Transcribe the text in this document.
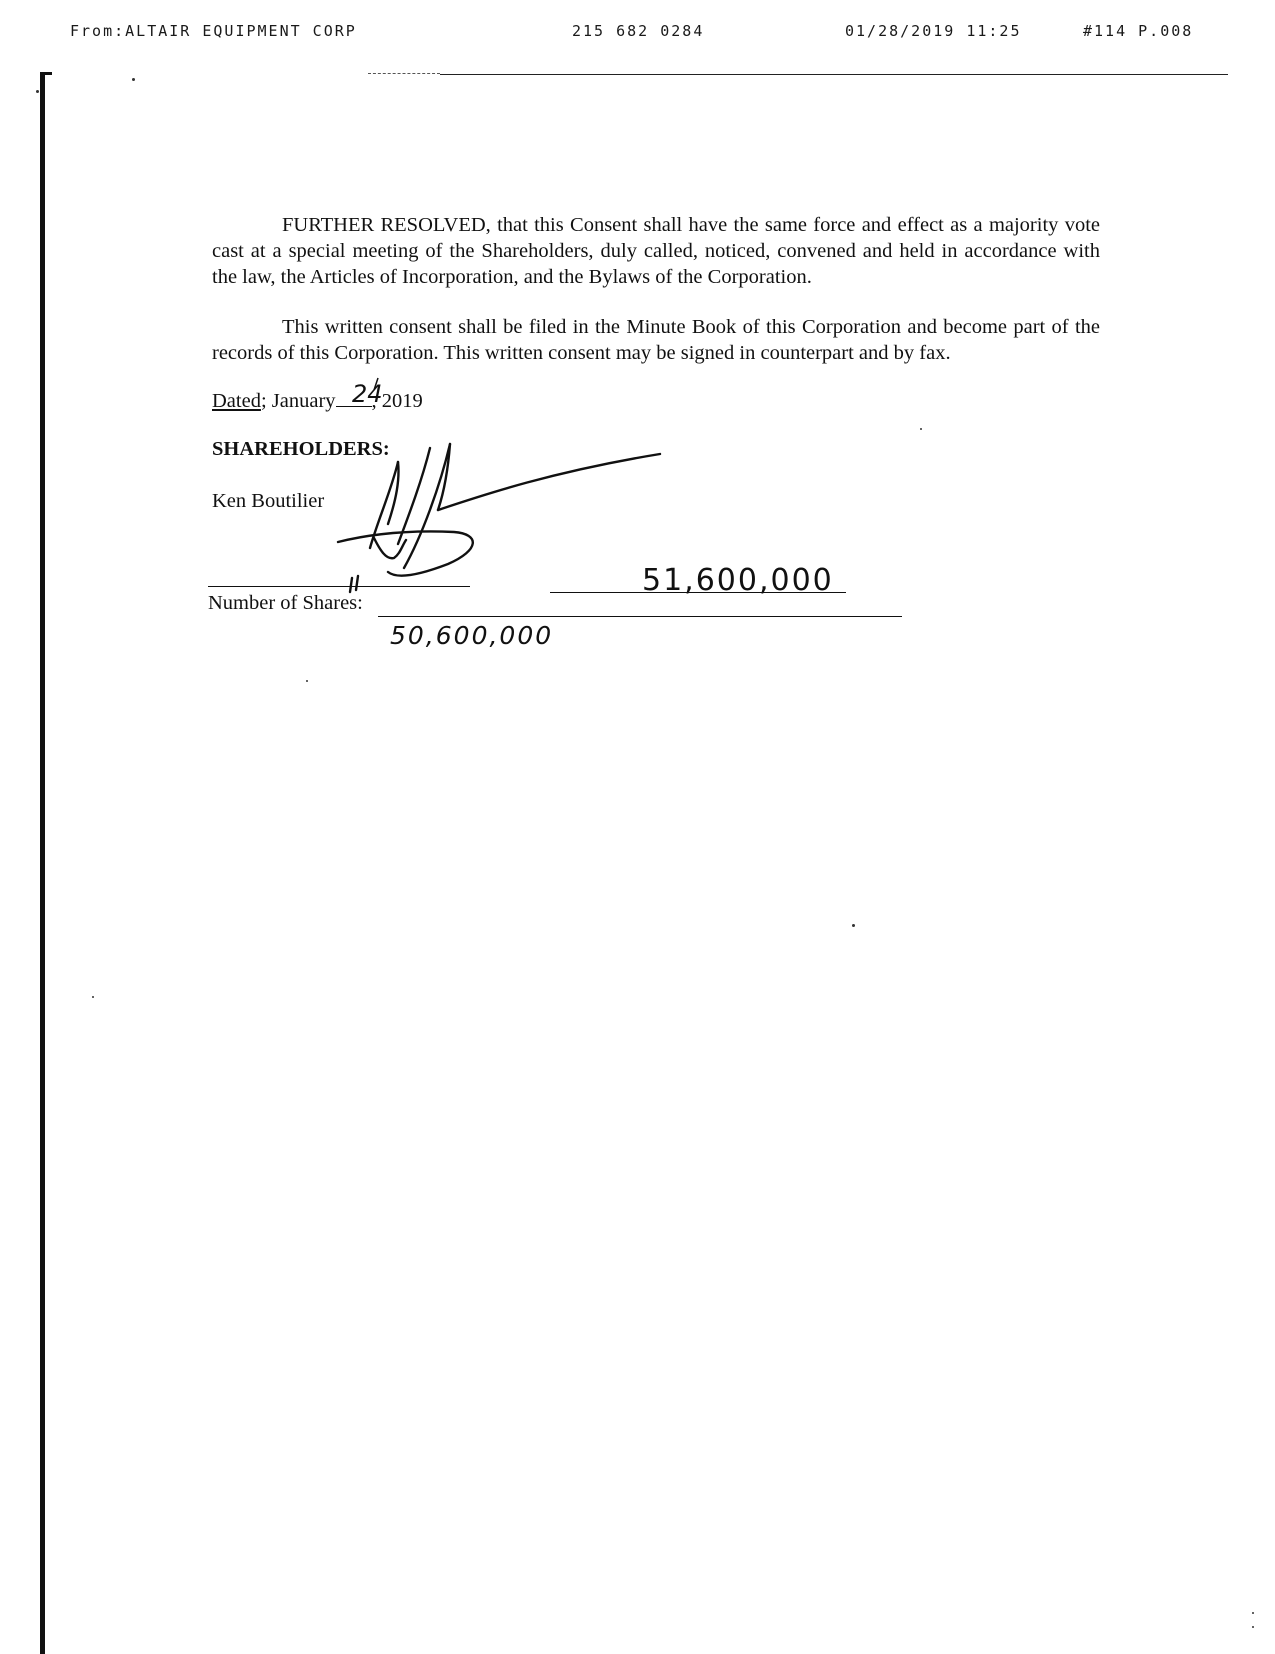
From:ALTAIR EQUIPMENT CORP	215 682 0284	01/28/2019 11:25	#114 P.008

FURTHER RESOLVED, that this Consent shall have the same force and effect as a majority vote cast at a special meeting of the Shareholders, duly called, noticed, convened and held in accordance with the law, the Articles of Incorporation, and the Bylaws of the Corporation.

This written consent shall be filed in the Minute Book of this Corporation and become part of the records of this Corporation. This written consent may be signed in counterpart and by fax.

Dated; January , 2019
24
SHAREHOLDERS:
Ken Boutilier
Number of Shares:
51,600,000
50,600,000
